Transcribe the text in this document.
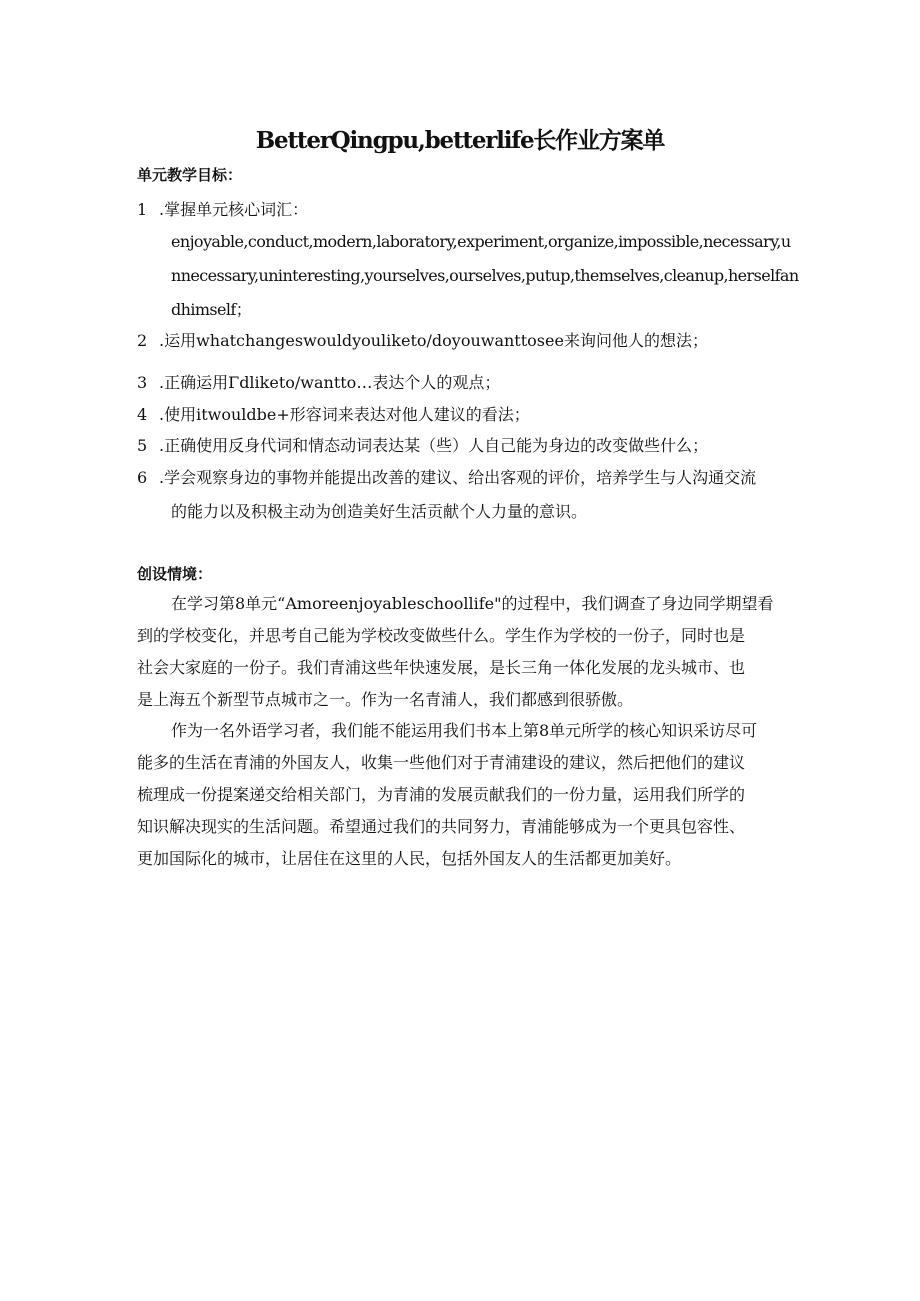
BetterQingpu,betterlife长作业方案单
单元教学目标：
1 .掌握单元核心词汇：
enjoyable,conduct,modern,laboratory,experiment,organize,impossible,necessary,u
nnecessary,uninteresting,yourselves,ourselves,putup,themselves,cleanup,herselfan
dhimself；
2 .运用whatchangeswouldyouliketo/doyouwanttosee来询问他人的想法；
3 .正确运用Γdliketo/wantto…表达个人的观点；
4 .使用itwouldbe+形容词来表达对他人建议的看法；
5 .正确使用反身代词和情态动词表达某（些）人自己能为身边的改变做些什么；
6 .学会观察身边的事物并能提出改善的建议、给出客观的评价，培养学生与人沟通交流
的能力以及积极主动为创造美好生活贡献个人力量的意识。
创设情境：
在学习第8单元“Amoreenjoyableschoollife"的过程中，我们调查了身边同学期望看
到的学校变化，并思考自己能为学校改变做些什么。学生作为学校的一份子，同时也是
社会大家庭的一份子。我们青浦这些年快速发展，是长三角一体化发展的龙头城市、也
是上海五个新型节点城市之一。作为一名青浦人，我们都感到很骄傲。
作为一名外语学习者，我们能不能运用我们书本上第8单元所学的核心知识采访尽可
能多的生活在青浦的外国友人，收集一些他们对于青浦建设的建议，然后把他们的建议
梳理成一份提案递交给相关部门，为青浦的发展贡献我们的一份力量，运用我们所学的
知识解决现实的生活问题。希望通过我们的共同努力，青浦能够成为一个更具包容性、
更加国际化的城市，让居住在这里的人民，包括外国友人的生活都更加美好。
